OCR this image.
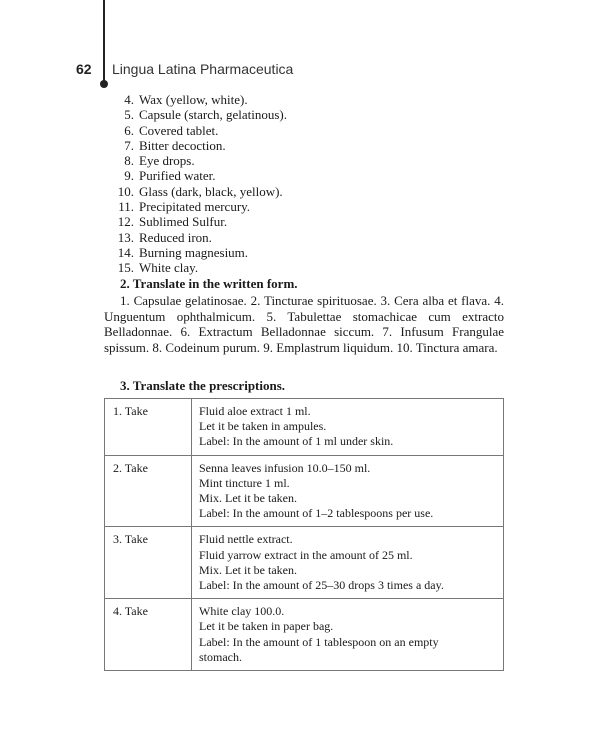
62 Lingua Latina Pharmaceutica
4. Wax (yellow, white).
5. Capsule (starch, gelatinous).
6. Covered tablet.
7. Bitter decoction.
8. Eye drops.
9. Purified water.
10. Glass (dark, black, yellow).
11. Precipitated mercury.
12. Sublimed Sulfur.
13. Reduced iron.
14. Burning magnesium.
15. White clay.
2. Translate in the written form.
1. Capsulae gelatinosae. 2. Tincturae spirituosae. 3. Cera alba et flava. 4. Unguentum ophthalmicum. 5. Tabulettae stomachicae cum extracto Belladonnae. 6. Extractum Belladonnae siccum. 7. Infusum Frangulae spissum. 8. Codeinum purum. 9. Emplastrum liquidum. 10. Tinctura amara.
3. Translate the prescriptions.
1. Take	Fluid aloe extract 1 ml.
Let it be taken in ampules.
Label: In the amount of 1 ml under skin.

2. Take	Senna leaves infusion 10.0–150 ml.
Mint tincture 1 ml.
Mix. Let it be taken.
Label: In the amount of 1–2 tablespoons per use.

3. Take	Fluid nettle extract.
Fluid yarrow extract in the amount of 25 ml.
Mix. Let it be taken.
Label: In the amount of 25–30 drops 3 times a day.

4. Take	White clay 100.0.
Let it be taken in paper bag.
Label: In the amount of 1 tablespoon on an empty
stomach.
